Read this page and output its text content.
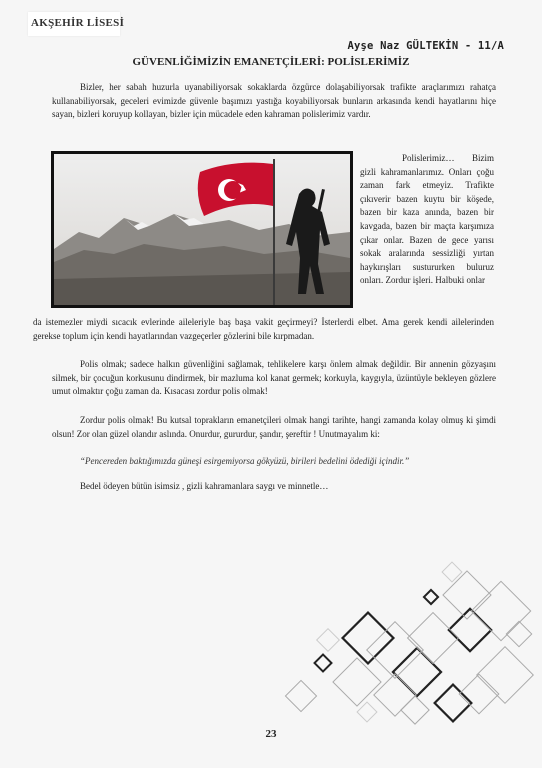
AKŞEHİR LİSESİ
Ayşe Naz GÜLTEKİN - 11/A
GÜVENLİĞİMİZİN EMANETÇİLERİ: POLİSLERİMİZ
Bizler, her sabah huzurla uyanabiliyorsak sokaklarda özgürce dolaşabiliyorsak trafikte araçlarımızı rahatça kullanabiliyorsak, geceleri evimizde güvenle başımızı yastığa koyabiliyorsak bunların arkasında kendi hayatlarını hiçe sayan, bizleri koruyup kollayan, bizler için mücadele eden kahraman polislerimiz vardır.
Polislerimiz… Bizim gizli kahramanlarımız. Onları çoğu zaman fark etmeyiz. Trafikte çıkıverir bazen kuytu bir köşede, bazen bir kaza anında, bazen bir kavgada, bazen bir maçta karşımıza çıkar onlar. Bazen de gece yarısı sokak aralarında sessizliği yırtan haykırışları sustururken buluruz onları. Zordur işleri. Halbuki onlar
da istemezler miydi sıcacık evlerinde aileleriyle baş başa vakit geçirmeyi? İsterlerdi elbet. Ama gerek kendi ailelerinden gerekse toplum için kendi hayatlarından vazgeçerler gözlerini bile kırpmadan.
Polis olmak; sadece halkın güvenliğini sağlamak, tehlikelere karşı önlem almak değildir. Bir annenin gözyaşını silmek, bir çocuğun korkusunu dindirmek, bir mazluma kol kanat germek; korkuyla, kaygıyla, üzüntüyle bekleyen gözlere umut olmaktır çoğu zaman da. Kısacası zordur polis olmak!
Zordur polis olmak! Bu kutsal toprakların emanetçileri olmak hangi tarihte, hangi zamanda kolay olmuş ki şimdi olsun! Zor olan güzel olandır aslında. Onurdur, gururdur, şandır, şereftir ! Unutmayalım ki:
“Pencereden baktığımızda güneşi esirgemiyorsa gökyüzü, birileri bedelini ödediği içindir.”
Bedel ödeyen bütün isimsiz , gizli kahramanlara saygı ve minnetle…
23
